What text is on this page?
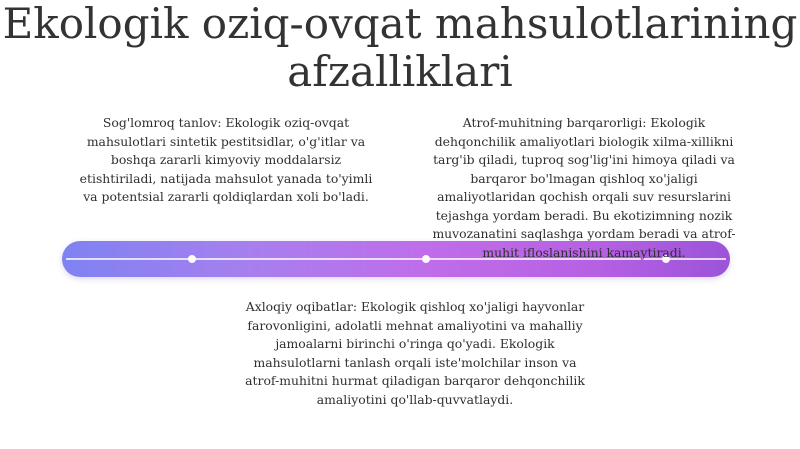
Ekologik oziq-ovqat mahsulotlarining afzalliklari
Sog'lomroq tanlov: Ekologik oziq-ovqat mahsulotlari sintetik pestitsidlar, o'g'itlar va boshqa zararli kimyoviy moddalarsiz etishtiriladi, natijada mahsulot yanada to'yimli va potentsial zararli qoldiqlardan xoli bo'ladi.
Atrof-muhitning barqarorligi: Ekologik dehqonchilik amaliyotlari biologik xilma-xillikni targ'ib qiladi, tuproq sog'lig'ini himoya qiladi va barqaror bo'lmagan qishloq xo'jaligi amaliyotlaridan qochish orqali suv resurslarini tejashga yordam beradi. Bu ekotizimning nozik muvozanatini saqlashga yordam beradi va atrof-muhit ifloslanishini kamaytiradi.
Axloqiy oqibatlar: Ekologik qishloq xo'jaligi hayvonlar farovonligini, adolatli mehnat amaliyotini va mahalliy jamoalarni birinchi o'ringa qo'yadi. Ekologik mahsulotlarni tanlash orqali iste'molchilar inson va atrof-muhitni hurmat qiladigan barqaror dehqonchilik amaliyotini qo'llab-quvvatlaydi.
